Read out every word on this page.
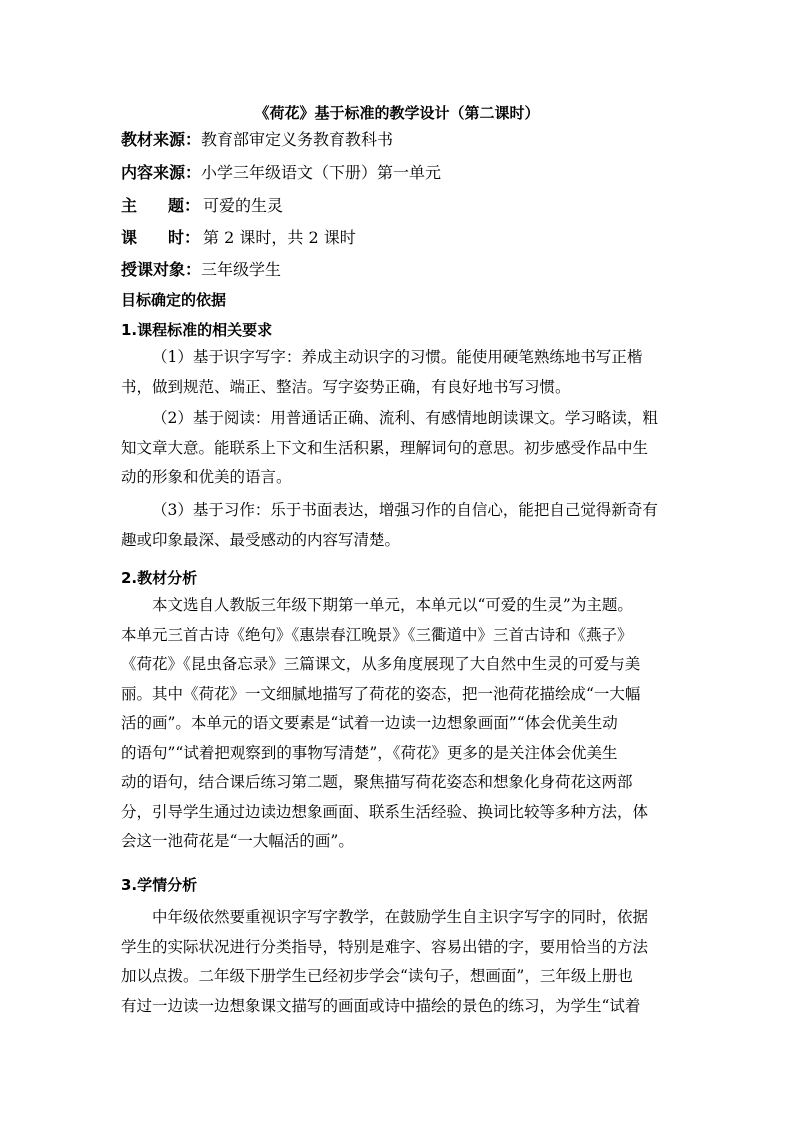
《荷花》基于标准的教学设计（第二课时）
教材来源：教育部审定义务教育教科书
内容来源：小学三年级语文（下册）第一单元
主 题： 可爱的生灵
课 时： 第 2 课时，共 2 课时
授课对象：三年级学生
目标确定的依据
1.课程标准的相关要求
（1）基于识字写字：养成主动识字的习惯。能使用硬笔熟练地书写正楷
书，做到规范、端正、整洁。写字姿势正确，有良好地书写习惯。
（2）基于阅读：用普通话正确、流利、有感情地朗读课文。学习略读，粗
知文章大意。能联系上下文和生活积累，理解词句的意思。初步感受作品中生
动的形象和优美的语言。
（3）基于习作：乐于书面表达，增强习作的自信心，能把自己觉得新奇有
趣或印象最深、最受感动的内容写清楚。
2.教材分析
本文选自人教版三年级下期第一单元，本单元以“可爱的生灵”为主题。
本单元三首古诗《绝句》《惠崇春江晚景》《三衢道中》三首古诗和《燕子》
《荷花》《昆虫备忘录》三篇课文，从多角度展现了大自然中生灵的可爱与美
丽。其中《荷花》一文细腻地描写了荷花的姿态，把一池荷花描绘成“一大幅
活的画”。本单元的语文要素是“试着一边读一边想象画面”“体会优美生动
的语句”“试着把观察到的事物写清楚”，《荷花》更多的是关注体会优美生
动的语句，结合课后练习第二题，聚焦描写荷花姿态和想象化身荷花这两部
分，引导学生通过边读边想象画面、联系生活经验、换词比较等多种方法，体
会这一池荷花是“一大幅活的画”。
3.学情分析
中年级依然要重视识字写字教学，在鼓励学生自主识字写字的同时，依据
学生的实际状况进行分类指导，特别是难字、容易出错的字，要用恰当的方法
加以点拨。二年级下册学生已经初步学会“读句子，想画面”，三年级上册也
有过一边读一边想象课文描写的画面或诗中描绘的景色的练习，为学生“试着
